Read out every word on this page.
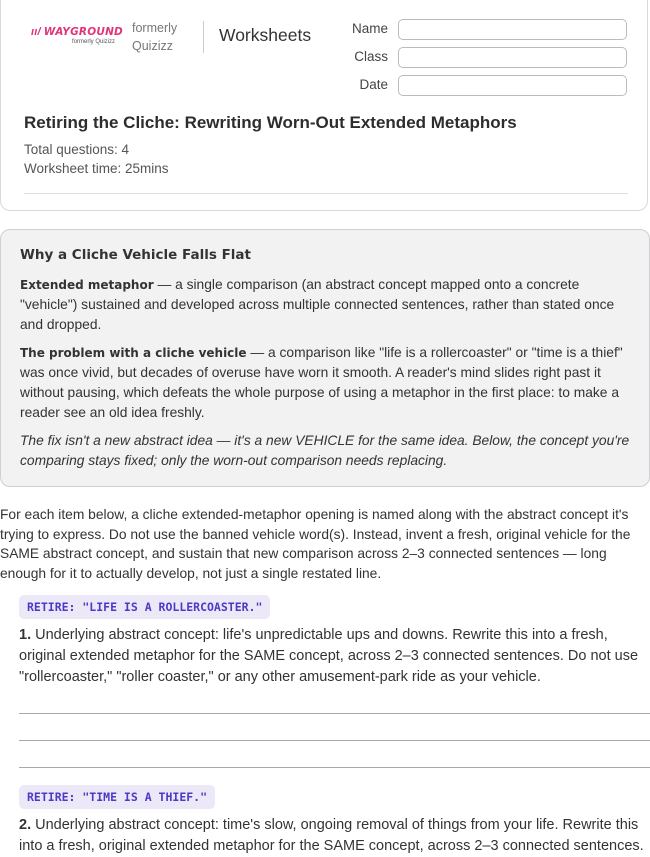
ıı/ WAYGROUND
formerly Quizizz
formerly Quizizz
Worksheets	Name
Class
Date
Retiring the Cliche: Rewriting Worn-Out Extended Metaphors
Total questions: 4
Worksheet time: 25mins
Why a Cliche Vehicle Falls Flat
Extended metaphor — a single comparison (an abstract concept mapped onto a concrete "vehicle") sustained and developed across multiple connected sentences, rather than stated once and dropped.
The problem with a cliche vehicle — a comparison like "life is a rollercoaster" or "time is a thief" was once vivid, but decades of overuse have worn it smooth. A reader's mind slides right past it without pausing, which defeats the whole purpose of using a metaphor in the first place: to make a reader see an old idea freshly.
The fix isn't a new abstract idea — it's a new VEHICLE for the same idea. Below, the concept you're comparing stays fixed; only the worn-out comparison needs replacing.
For each item below, a cliche extended-metaphor opening is named along with the abstract concept it's trying to express. Do not use the banned vehicle word(s). Instead, invent a fresh, original vehicle for the SAME abstract concept, and sustain that new comparison across 2–3 connected sentences — long enough for it to actually develop, not just a single restated line.
RETIRE: "LIFE IS A ROLLERCOASTER."
1. Underlying abstract concept: life's unpredictable ups and downs. Rewrite this into a fresh, original extended metaphor for the SAME concept, across 2–3 connected sentences. Do not use "rollercoaster," "roller coaster," or any other amusement-park ride as your vehicle.
RETIRE: "TIME IS A THIEF."
2. Underlying abstract concept: time's slow, ongoing removal of things from your life. Rewrite this into a fresh, original extended metaphor for the SAME concept, across 2–3 connected sentences.
